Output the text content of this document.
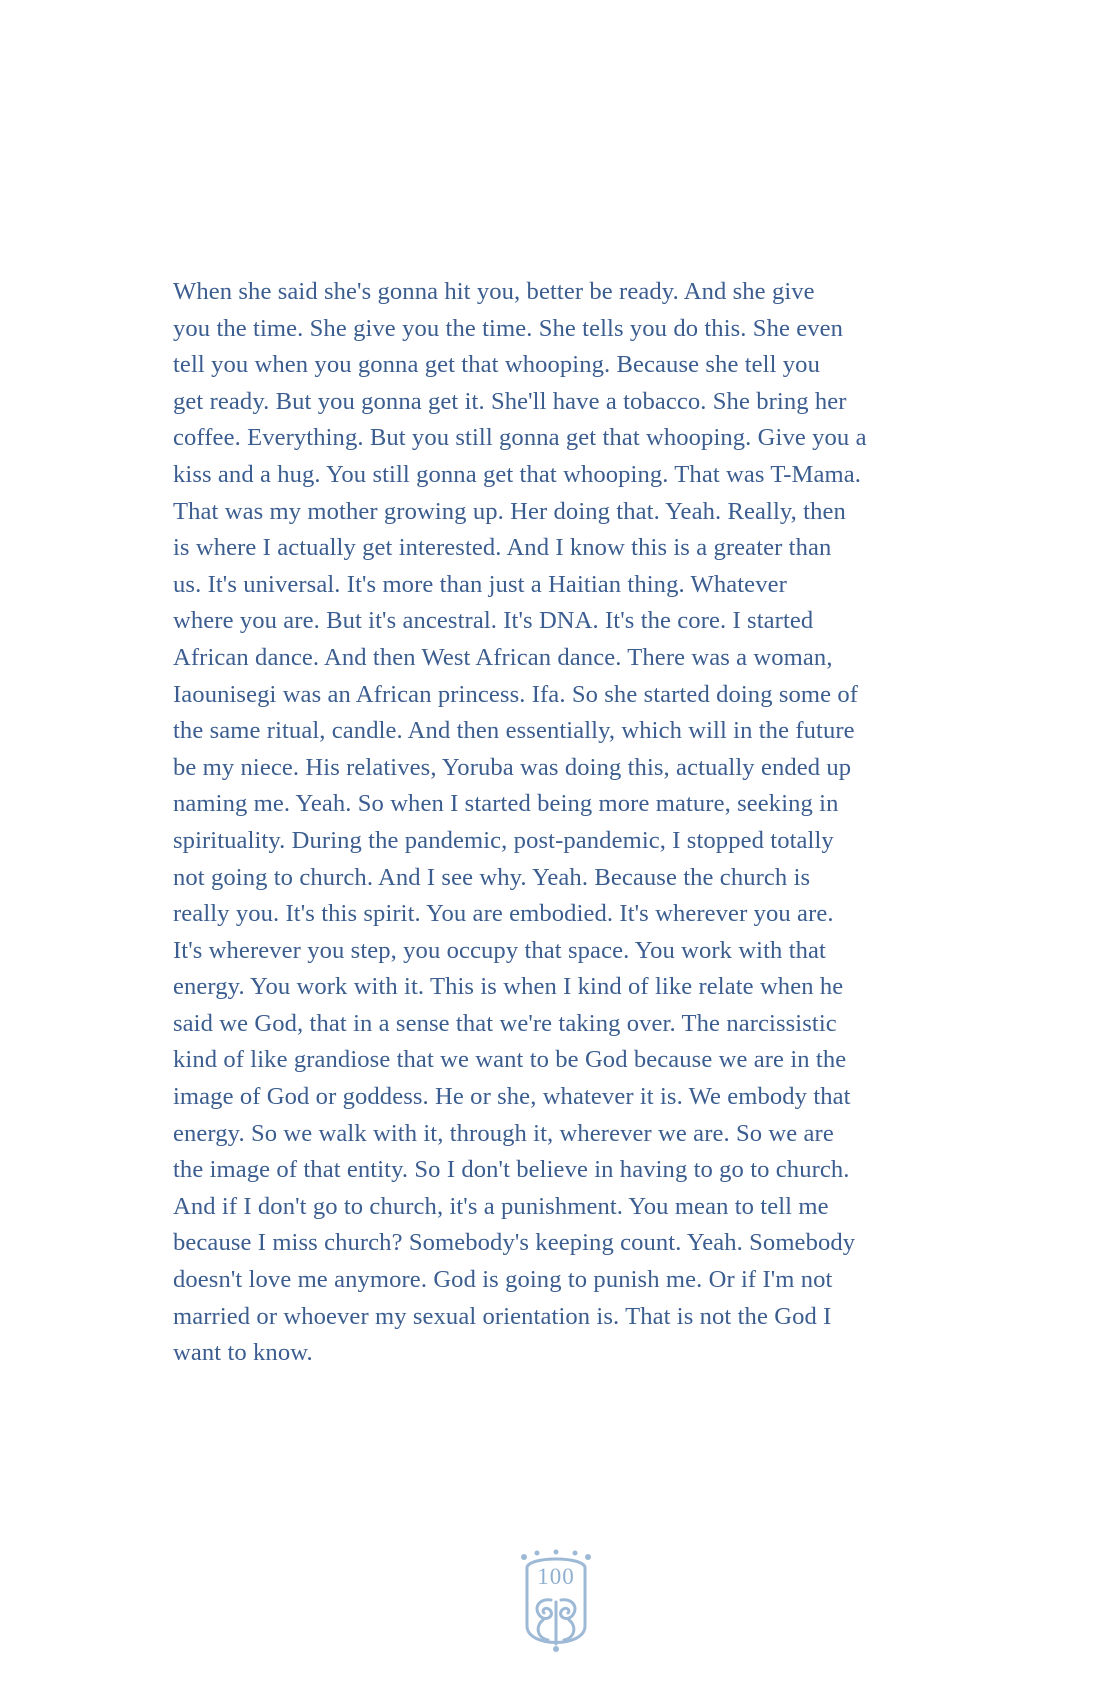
When she said she's gonna hit you, better be ready. And she give
you the time. She give you the time. She tells you do this. She even
tell you when you gonna get that whooping. Because she tell you
get ready. But you gonna get it. She'll have a tobacco. She bring her
coffee. Everything. But you still gonna get that whooping. Give you a
kiss and a hug. You still gonna get that whooping. That was T-Mama.
That was my mother growing up. Her doing that. Yeah. Really, then
is where I actually get interested. And I know this is a greater than
us. It's universal. It's more than just a Haitian thing. Whatever
where you are. But it's ancestral. It's DNA. It's the core. I started
African dance. And then West African dance. There was a woman,
Iaounisegi was an African princess. Ifa. So she started doing some of
the same ritual, candle. And then essentially, which will in the future
be my niece. His relatives, Yoruba was doing this, actually ended up
naming me. Yeah. So when I started being more mature, seeking in
spirituality. During the pandemic, post-pandemic, I stopped totally
not going to church. And I see why. Yeah. Because the church is
really you. It's this spirit. You are embodied. It's wherever you are.
It's wherever you step, you occupy that space. You work with that
energy. You work with it. This is when I kind of like relate when he
said we God, that in a sense that we're taking over. The narcissistic
kind of like grandiose that we want to be God because we are in the
image of God or goddess. He or she, whatever it is. We embody that
energy. So we walk with it, through it, wherever we are. So we are
the image of that entity. So I don't believe in having to go to church.
And if I don't go to church, it's a punishment. You mean to tell me
because I miss church? Somebody's keeping count. Yeah. Somebody
doesn't love me anymore. God is going to punish me. Or if I'm not
married or whoever my sexual orientation is. That is not the God I
want to know.
100
